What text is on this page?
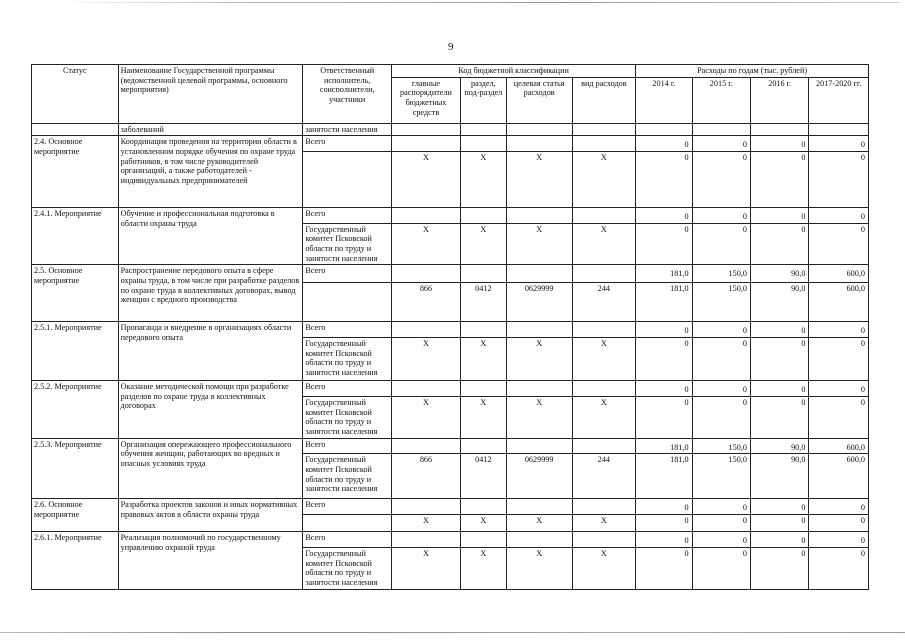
9
Статус	Наименование Государственной программы (ведомственной целевой программы, основного мероприятия)	Ответственный исполнитель, соисполнители, участники	Код бюджетной классификации				Расходы по годам (тыс. рублей)			
			главные распорядители бюджетных средств	раздел, под-раздел	целевая статья расходов	вид расходов	2014 г.	2015 г.	2016 г.	2017-2020 гг.
	заболеваний	занятости населения								
2.4. Основное мероприятие	Координация проведения на территории области в установленном порядке обучения по охране труда работников, в том числе руководителей организаций, а также работодателей - индивидуальных предпринимателей	Всего					0	0	0	0
			X	X	X	X	0	0	0	0
2.4.1. Мероприятие	Обучение и профессиональная подготовка в области охраны труда	Всего					0	0	0	0
		Государственный комитет Псковской области по труду и занятости населения	X	X	X	X	0	0	0	0
2.5. Основное мероприятие	Распространение передового опыта в сфере охраны труда, в том числе при разработке разделов по охране труда в коллективных договорах, вывод женщин с вредного производства	Всего					181,0	150,0	90,0	600,0
			866	0412	0629999	244	181,0	150,0	90,0	600,0
2.5.1. Мероприятие	Пропаганда и внедрение в организациях области передового опыта	Всего					0	0	0	0
		Государственный комитет Псковской области по труду и занятости населения	X	X	X	X	0	0	0	0
2.5.2. Мероприятие	Оказание методической помощи при разработке разделов по охране труда в коллективных договорах	Всего					0	0	0	0
		Государственный комитет Псковской области по труду и занятости населения	X	X	X	X	0	0	0	0
2.5.3. Мероприятие	Организация опережающего профессионального обучения женщин, работающих во вредных и опасных условиях труда	Всего					181,0	150,0	90,0	600,0
		Государственный комитет Псковской области по труду и занятости населения	866	0412	0629999	244	181,0	150,0	90,0	600,0
2.6. Основное мероприятие	Разработка проектов законов и иных нормативных правовых актов в области охраны труда	Всего					0	0	0	0
			X	X	X	X	0	0	0	0
2.6.1. Мероприятие	Реализация полномочий по государственному управлению охраной труда	Всего					0	0	0	0
		Государственный комитет Псковской области по труду и занятости населения	X	X	X	X	0	0	0	0
